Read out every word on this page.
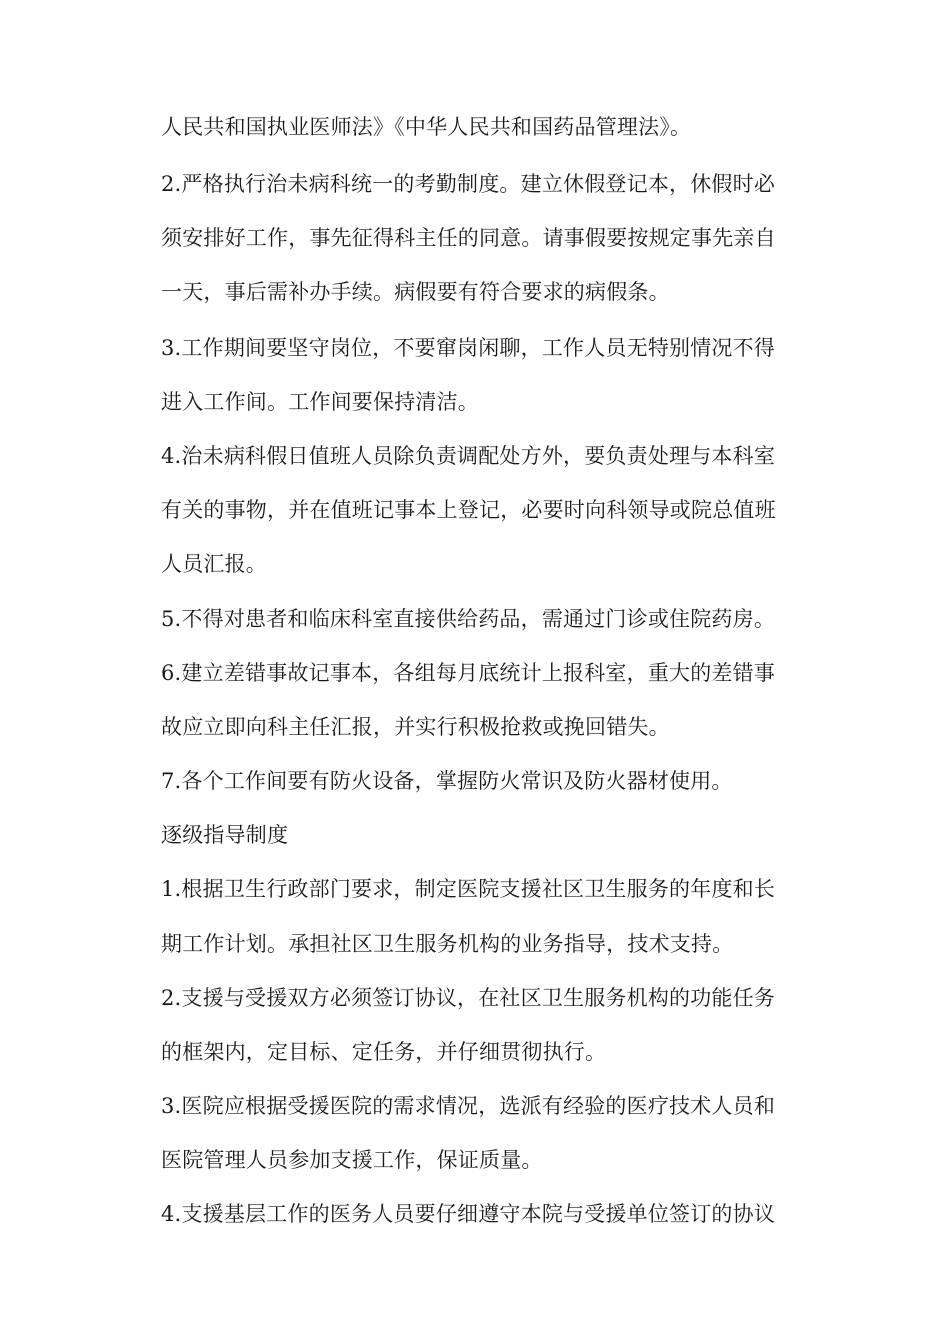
人民共和国执业医师法》《中华人民共和国药品管理法》。
2.严格执行治未病科统一的考勤制度。建立休假登记本，休假时必
须安排好工作，事先征得科主任的同意。请事假要按规定事先亲自
一天，事后需补办手续。病假要有符合要求的病假条。
3.工作期间要坚守岗位，不要窜岗闲聊，工作人员无特别情况不得
进入工作间。工作间要保持清洁。
4.治未病科假日值班人员除负责调配处方外，要负责处理与本科室
有关的事物，并在值班记事本上登记，必要时向科领导或院总值班
人员汇报。
5.不得对患者和临床科室直接供给药品，需通过门诊或住院药房。
6.建立差错事故记事本，各组每月底统计上报科室，重大的差错事
故应立即向科主任汇报，并实行积极抢救或挽回错失。
7.各个工作间要有防火设备，掌握防火常识及防火器材使用。
逐级指导制度
1.根据卫生行政部门要求，制定医院支援社区卫生服务的年度和长
期工作计划。承担社区卫生服务机构的业务指导，技术支持。
2.支援与受援双方必须签订协议，在社区卫生服务机构的功能任务
的框架内，定目标、定任务，并仔细贯彻执行。
3.医院应根据受援医院的需求情况，选派有经验的医疗技术人员和
医院管理人员参加支援工作，保证质量。
4.支援基层工作的医务人员要仔细遵守本院与受援单位签订的协议
